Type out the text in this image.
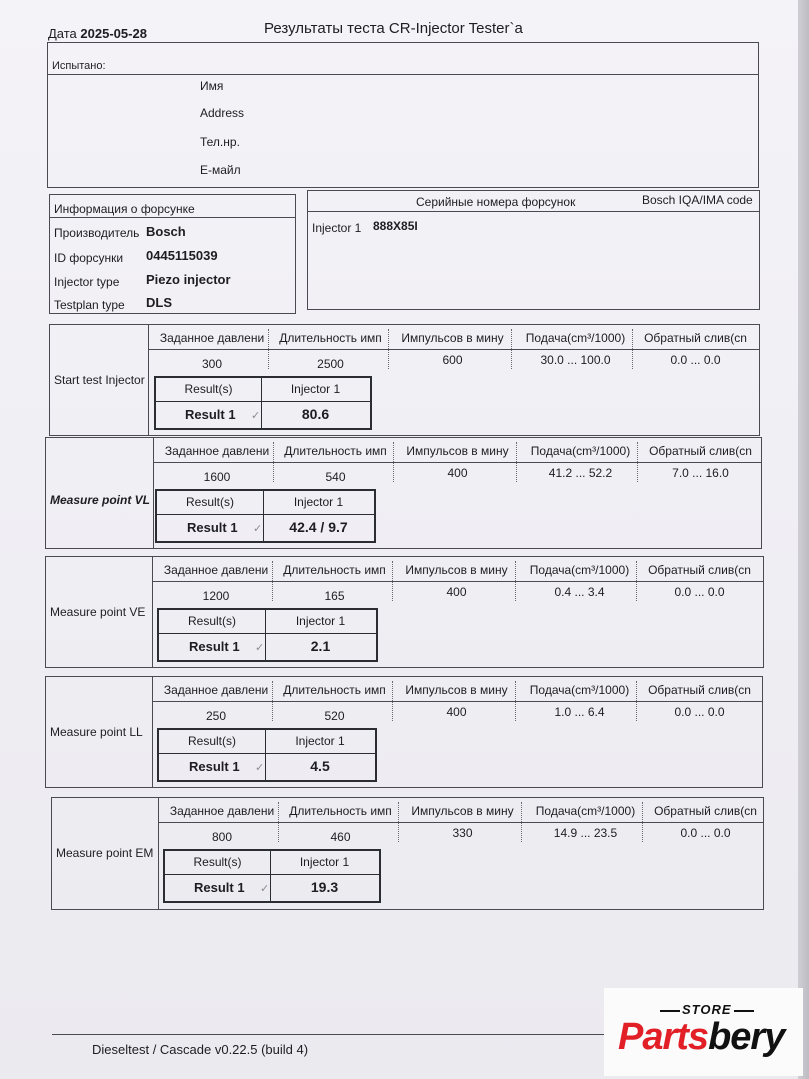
Дата 2025-05-28	Результаты теста CR-Injector Tester`a
Испытано:
Имя
Address
Тел.нр.
Е-майл
Информация о форсунке
Производитель Bosch
ID форсунки 0445115039
Injector type Piezo injector
Testplan type DLS
Серийные номера форсунок	Bosch IQA/IMA code
Injector 1 888X85I
Start test Injector
Заданное давлени	Длительность имп	Импульсов в мину	Подача(cm³/1000)	Обратный слив(cn
300	2500	600	30.0 ... 100.0	0.0 ... 0.0
Result(s)	Injector 1
Result 1 ✓	80.6
Measure point VL
Заданное давлени	Длительность имп	Импульсов в мину	Подача(cm³/1000)	Обратный слив(cn
1600	540	400	41.2 ... 52.2	7.0 ... 16.0
Result(s)	Injector 1
Result 1 ✓	42.4 / 9.7
Measure point VE
Заданное давлени	Длительность имп	Импульсов в мину	Подача(cm³/1000)	Обратный слив(cn
1200	165	400	0.4 ... 3.4	0.0 ... 0.0
Result(s)	Injector 1
Result 1 ✓	2.1
Measure point LL
Заданное давлени	Длительность имп	Импульсов в мину	Подача(cm³/1000)	Обратный слив(cn
250	520	400	1.0 ... 6.4	0.0 ... 0.0
Result(s)	Injector 1
Result 1 ✓	4.5
Measure point EM
Заданное давлени	Длительность имп	Импульсов в мину	Подача(cm³/1000)	Обратный слив(cn
800	460	330	14.9 ... 23.5	0.0 ... 0.0
Result(s)	Injector 1
Result 1 ✓	19.3
Dieseltest / Cascade v0.22.5 (build 4)
STORE
Partsbery
